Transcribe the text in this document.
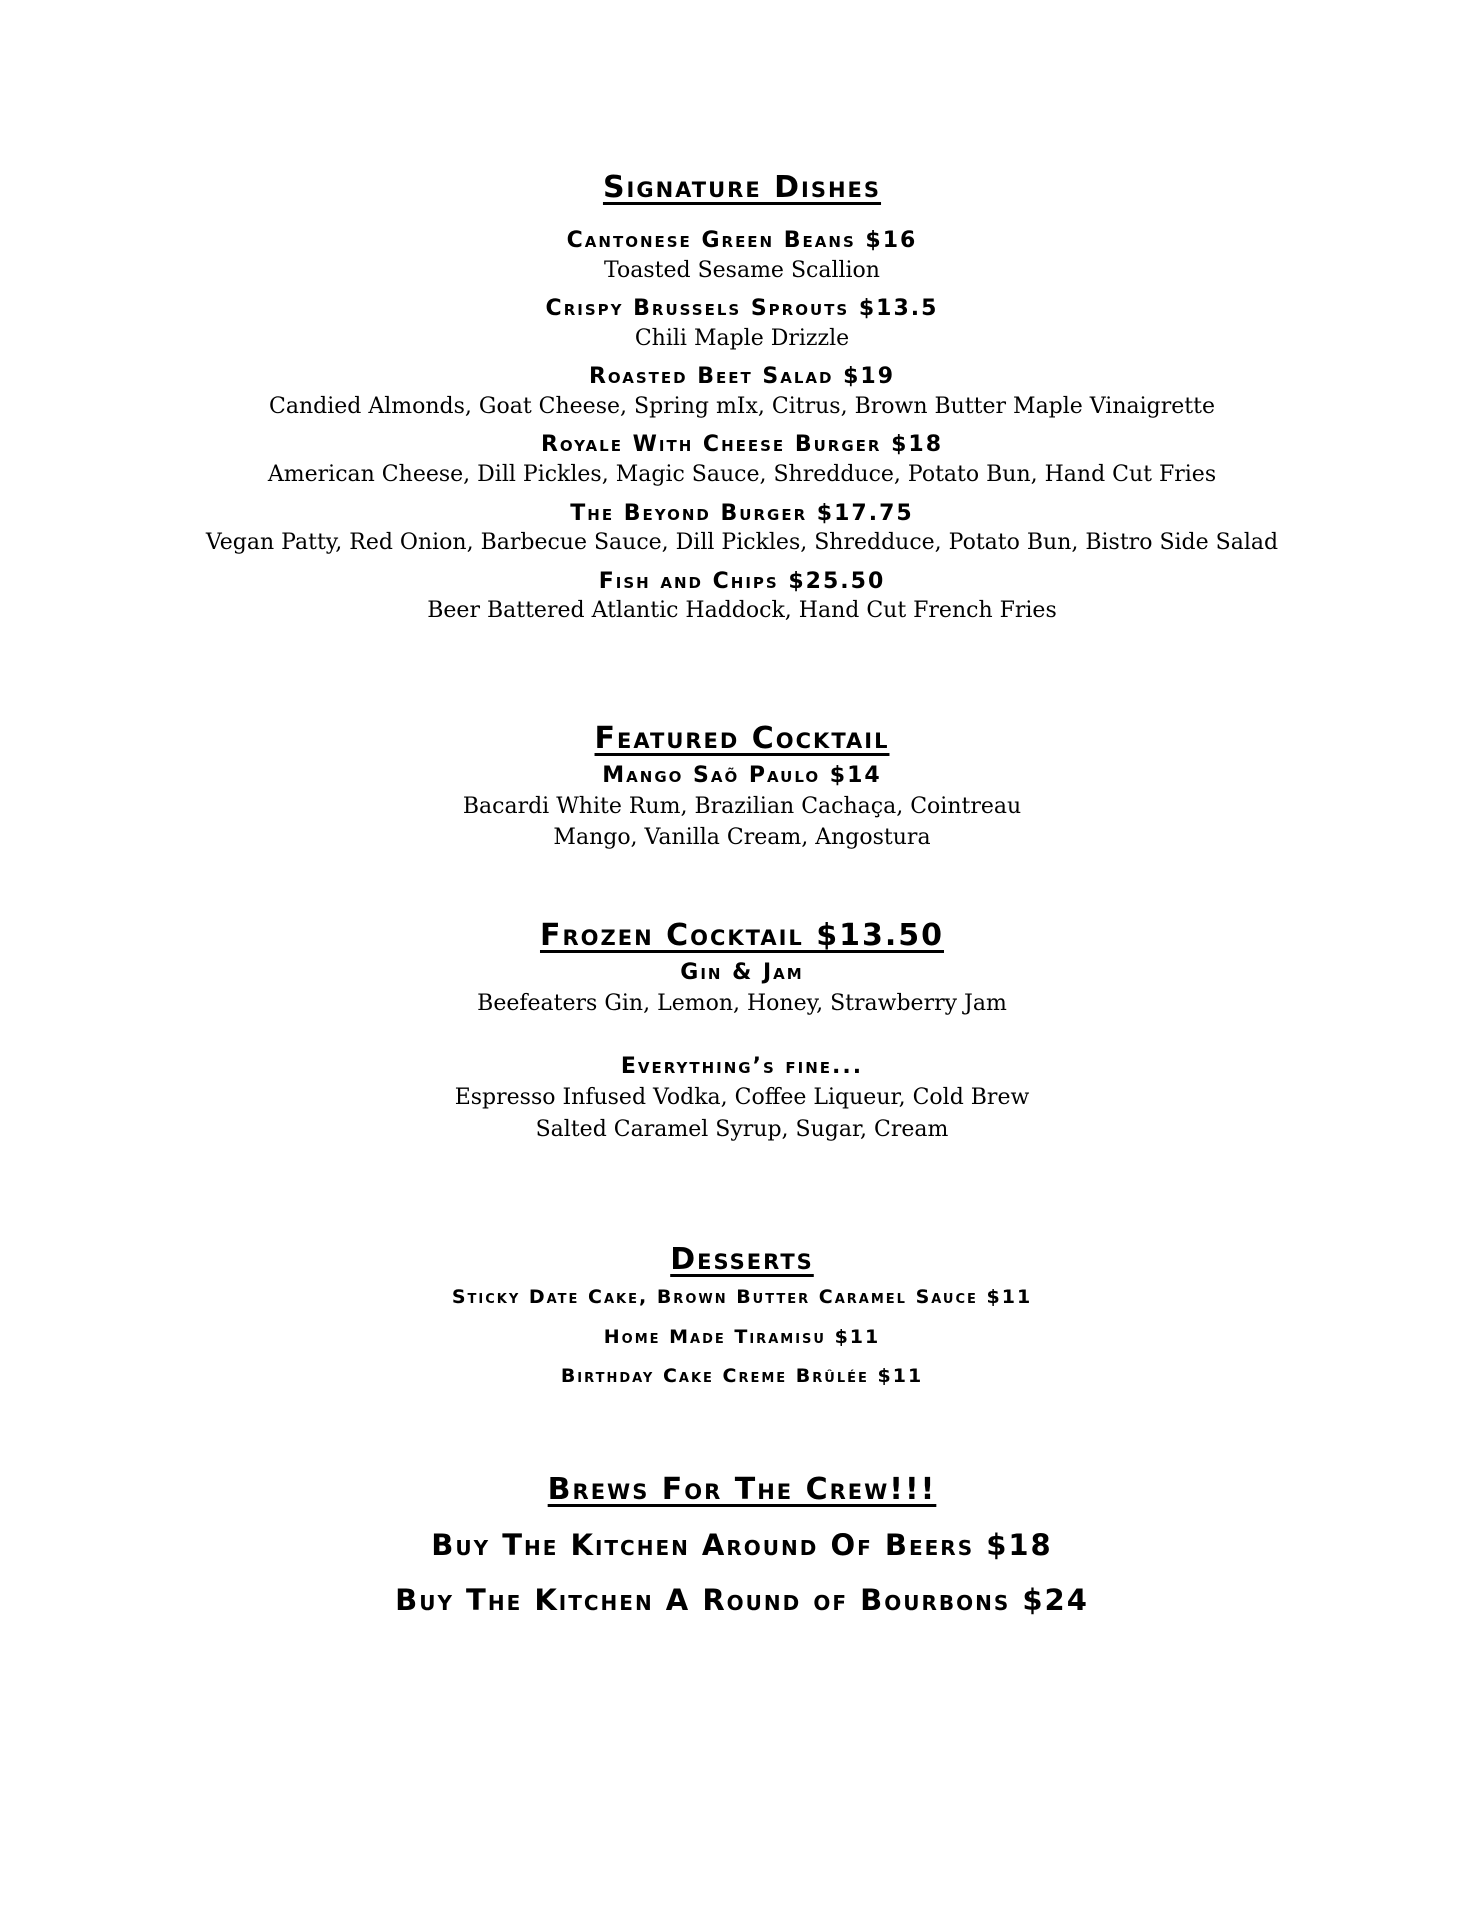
Signature Dishes
Cantonese Green Beans $16
Toasted Sesame Scallion
Crispy Brussels Sprouts $13.5
Chili Maple Drizzle
Roasted Beet Salad $19
Candied Almonds, Goat Cheese, Spring mIx, Citrus, Brown Butter Maple Vinaigrette
Royale With Cheese Burger $18
American Cheese, Dill Pickles, Magic Sauce, Shredduce, Potato Bun, Hand Cut Fries
The Beyond Burger $17.75
Vegan Patty, Red Onion, Barbecue Sauce, Dill Pickles, Shredduce, Potato Bun, Bistro Side Salad
Fish and Chips $25.50
Beer Battered Atlantic Haddock, Hand Cut French Fries
Featured Cocktail
Mango Saõ Paulo $14
Bacardi White Rum, Brazilian Cachaça, Cointreau
Mango, Vanilla Cream, Angostura
Frozen Cocktail $13.50
Gin & Jam
Beefeaters Gin, Lemon, Honey, Strawberry Jam
Everything’s fine...
Espresso Infused Vodka, Coffee Liqueur, Cold Brew
Salted Caramel Syrup, Sugar, Cream
Desserts
Sticky Date Cake, Brown Butter Caramel Sauce $11
Home Made Tiramisu $11
Birthday Cake Creme Brûlée $11
Brews For The Crew!!!
Buy The Kitchen Around Of Beers $18
Buy The Kitchen A Round of Bourbons $24
